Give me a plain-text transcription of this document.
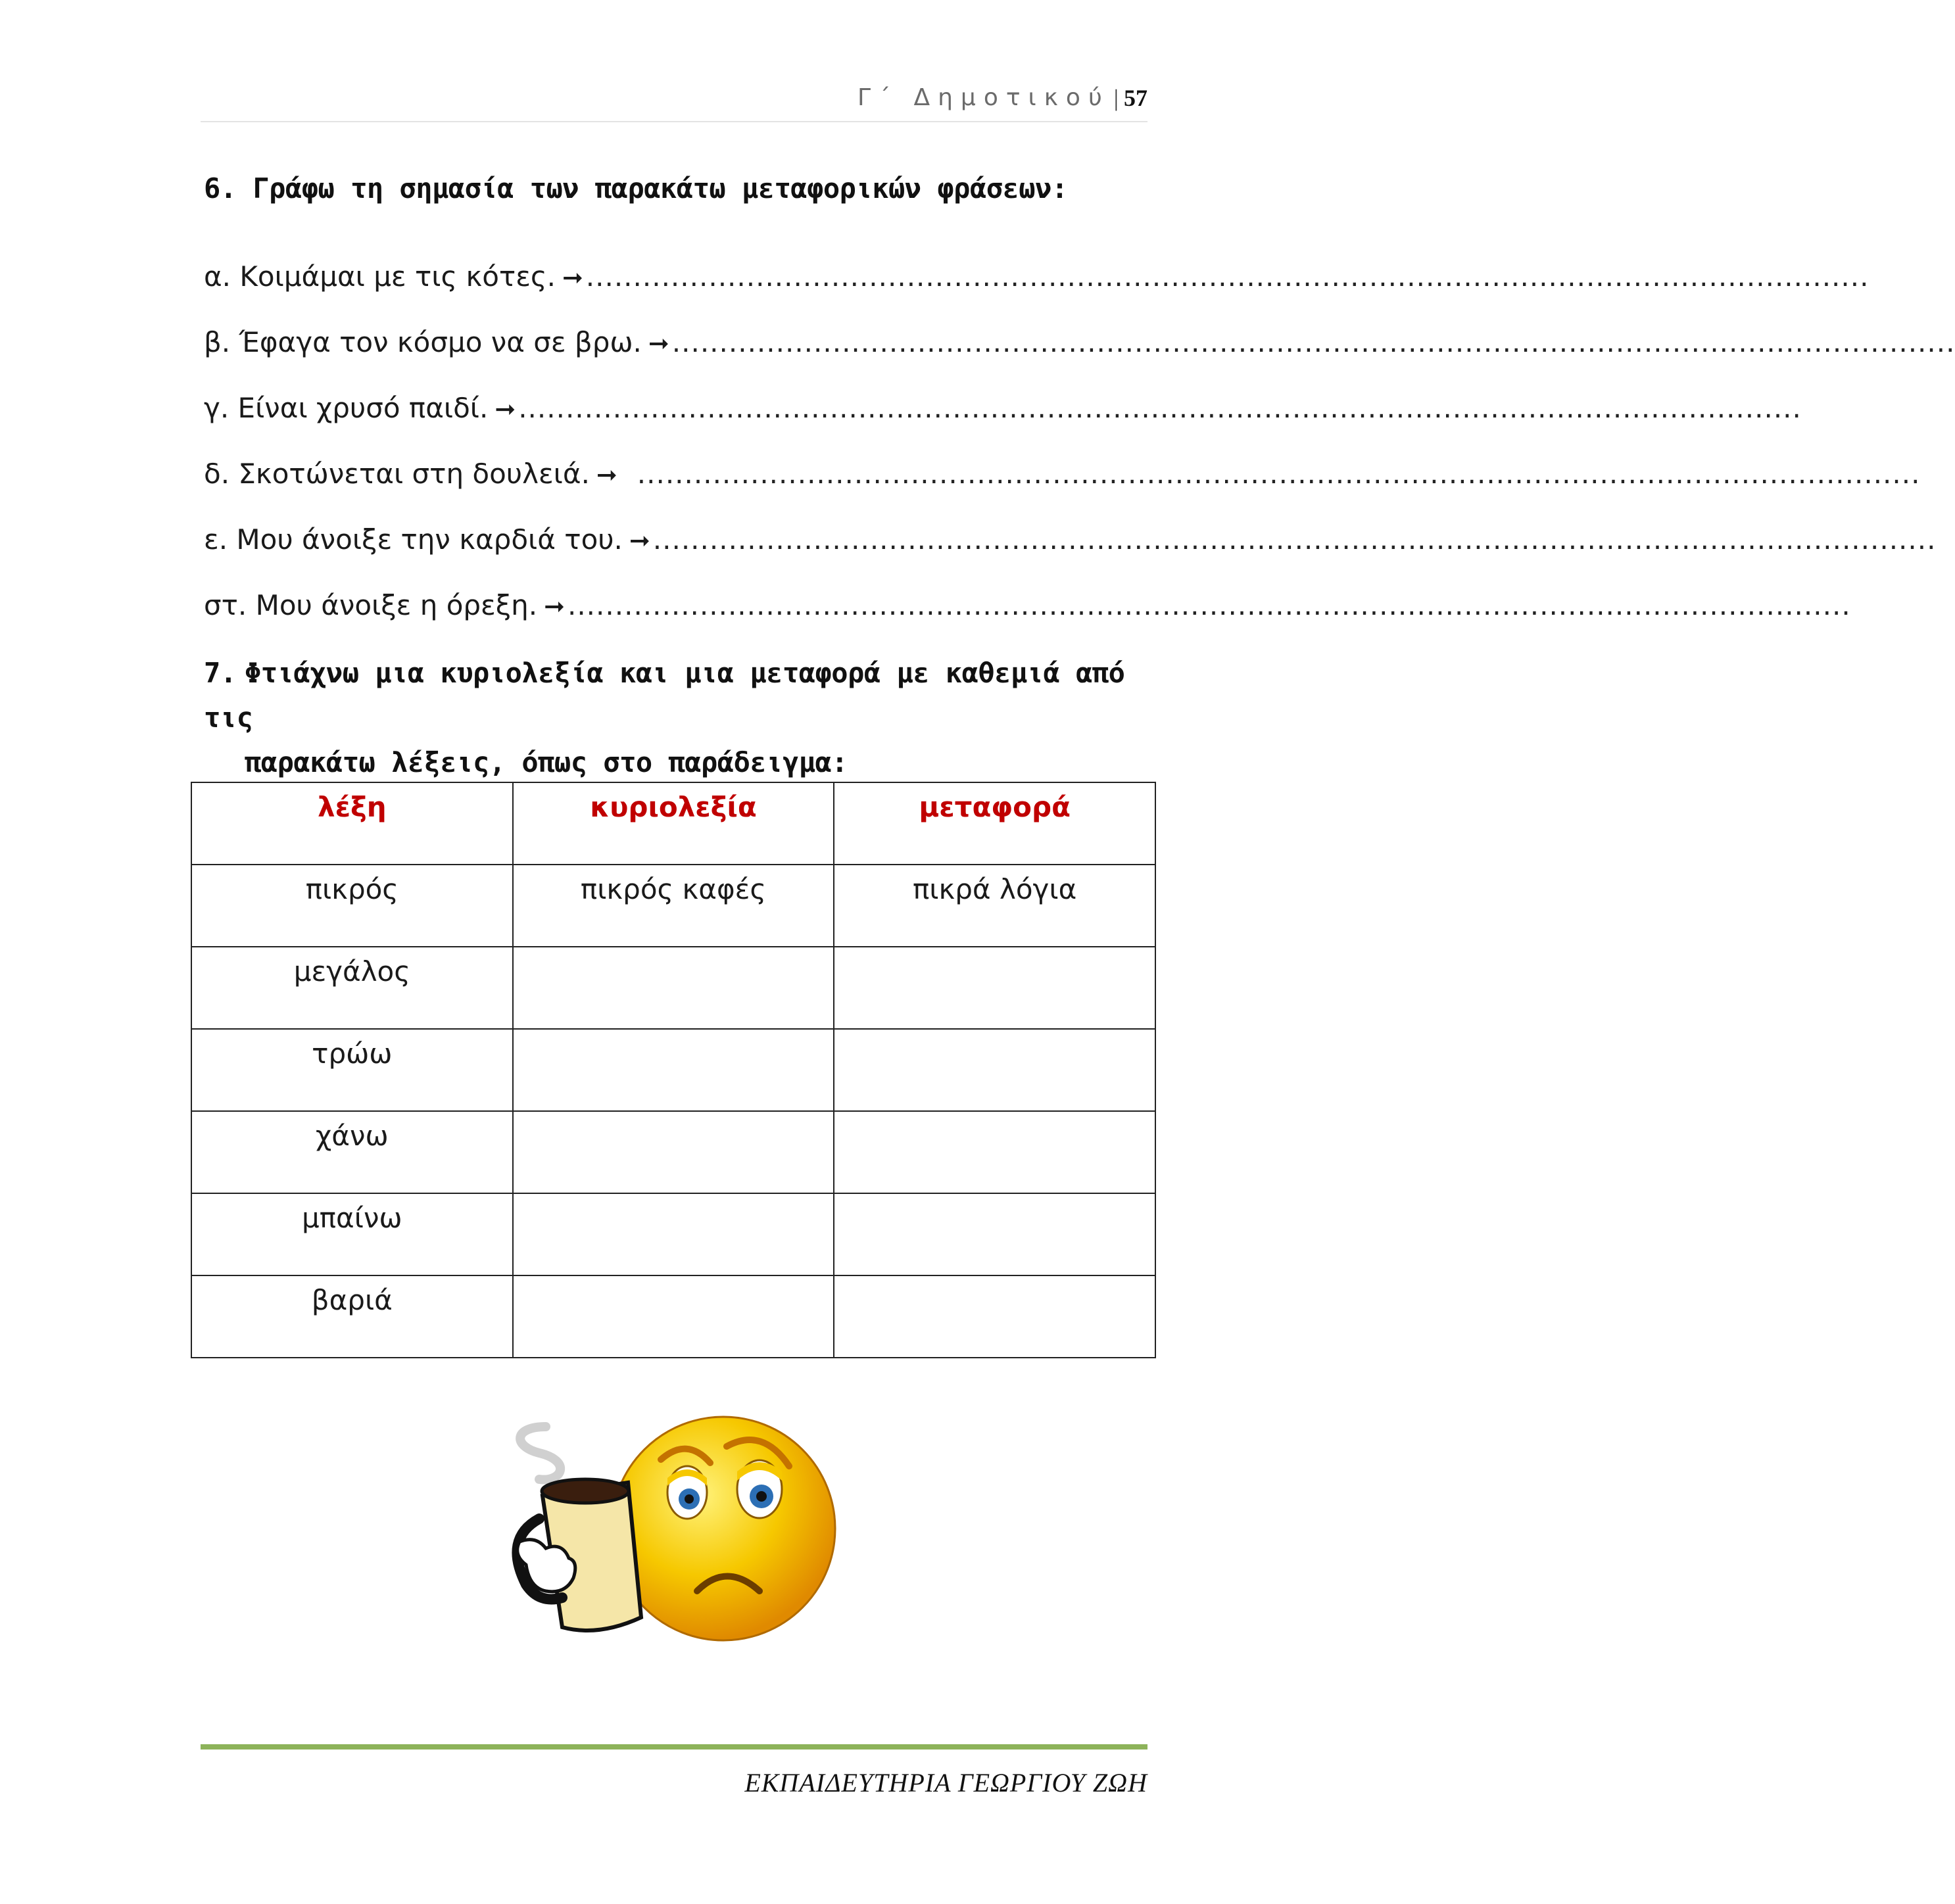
Γ΄ Δημοτικού | 57
6. Γράφω τη σημασία των παρακάτω μεταφορικών φράσεων:
α. Κοιμάμαι με τις κότες. ➞ ........................................................................................................................................
β. Έφαγα τον κόσμο να σε βρω. ➞ ........................................................................................................................................
γ. Είναι χρυσό παιδί. ➞ ........................................................................................................................................
δ. Σκοτώνεται στη δουλειά. ➞ ........................................................................................................................................
ε. Μου άνοιξε την καρδιά του. ➞ ........................................................................................................................................
στ. Μου άνοιξε η όρεξη. ➞ ........................................................................................................................................
7. Φτιάχνω μια κυριολεξία και μια μεταφορά με καθεμιά από τις
παρακάτω λέξεις, όπως στο παράδειγμα:
λέξη	κυριολεξία	μεταφορά
πικρός	πικρός καφές	πικρά λόγια
μεγάλος		
τρώω		
χάνω		
μπαίνω		
βαριά		
ΕΚΠΑΙΔΕΥΤΗΡΙΑ ΓΕΩΡΓΙΟΥ ΖΩΗ
